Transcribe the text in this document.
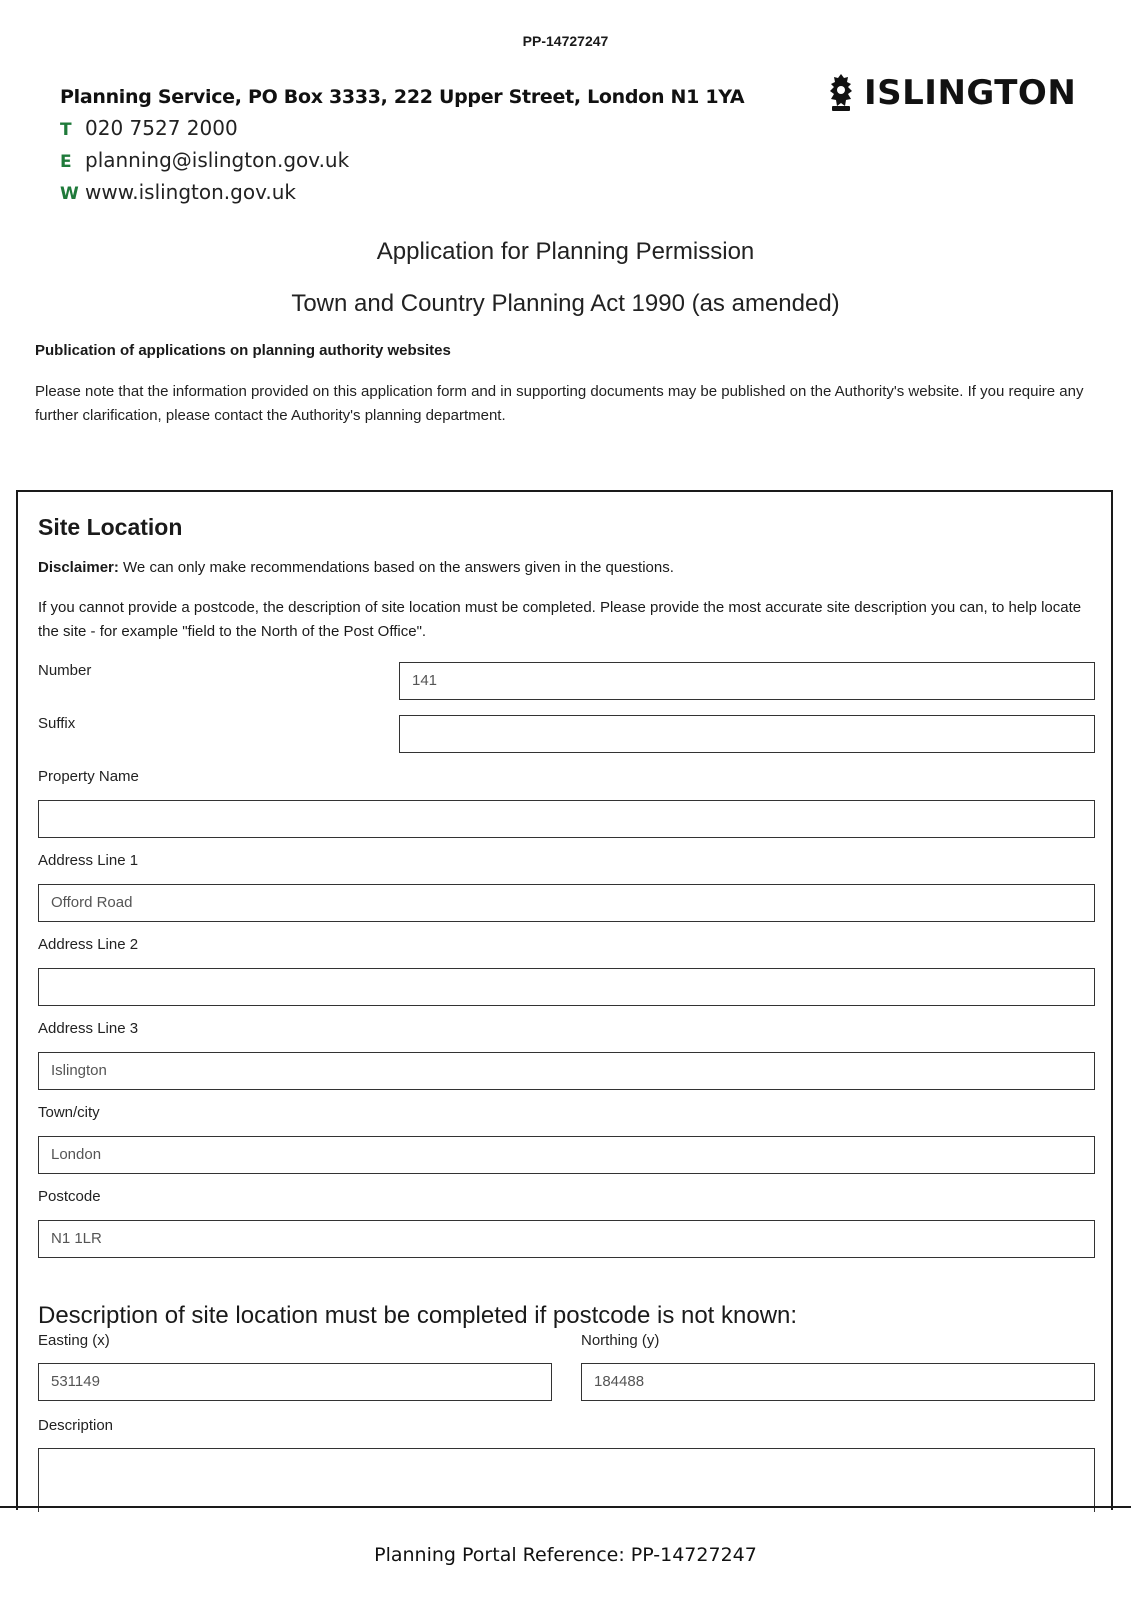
PP-14727247
Planning Service, PO Box 3333, 222 Upper Street, London N1 1YA
T 020 7527 2000
E planning@islington.gov.uk
W www.islington.gov.uk
ISLINGTON
Application for Planning Permission
Town and Country Planning Act 1990 (as amended)
Publication of applications on planning authority websites
Please note that the information provided on this application form and in supporting documents may be published on the Authority's website. If you require any further clarification, please contact the Authority's planning department.
Site Location
Disclaimer: We can only make recommendations based on the answers given in the questions.
If you cannot provide a postcode, the description of site location must be completed. Please provide the most accurate site description you can, to help locate the site - for example "field to the North of the Post Office".
Number
141
Suffix
Property Name
Address Line 1
Offord Road
Address Line 2
Address Line 3
Islington
Town/city
London
Postcode
N1 1LR
Description of site location must be completed if postcode is not known:
Easting (x)
531149
Northing (y)
184488
Description
Planning Portal Reference: PP-14727247
